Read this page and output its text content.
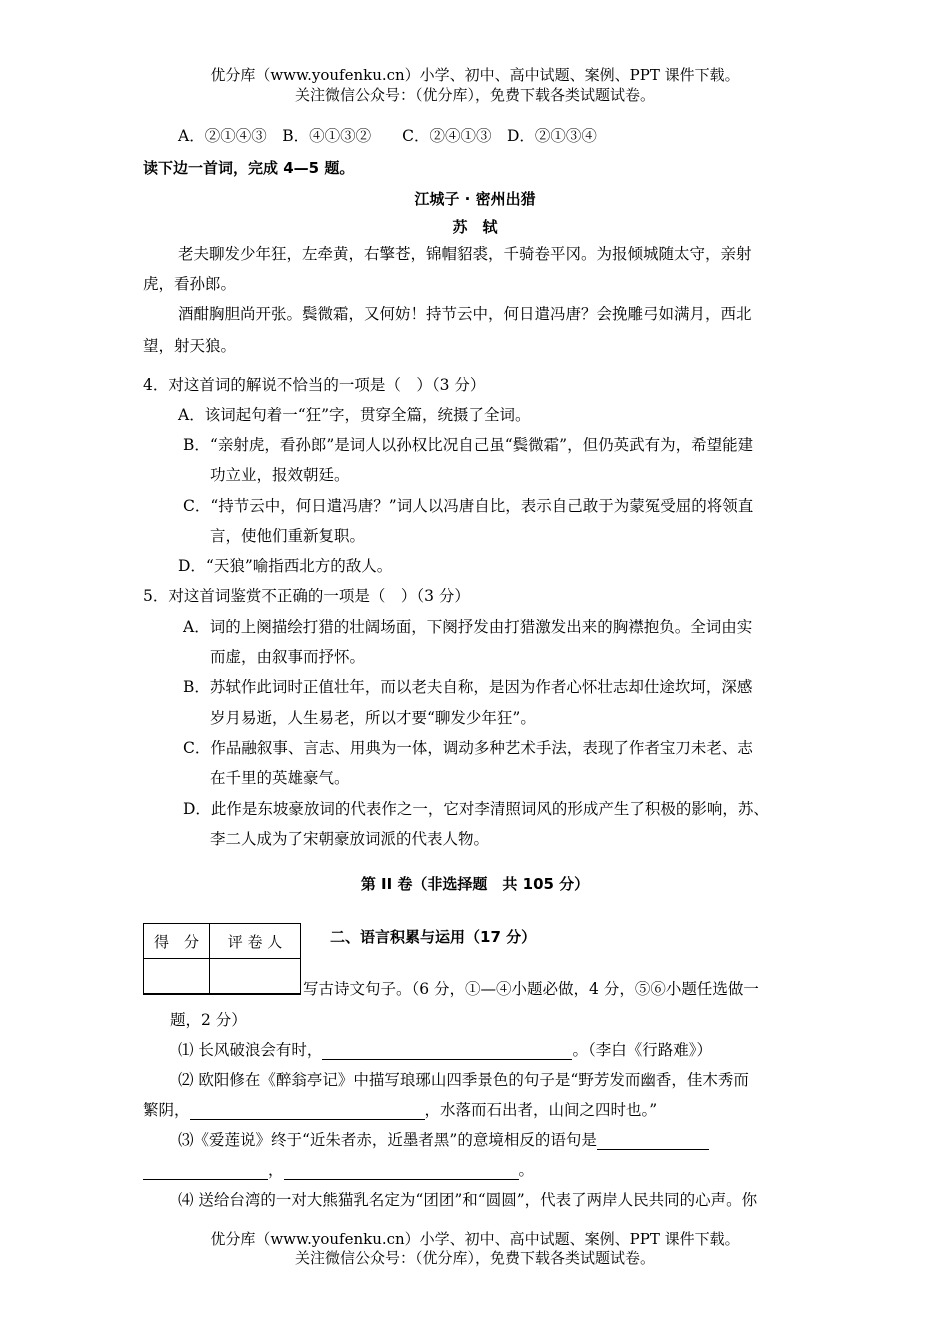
优分库（www.youfenku.cn）小学、初中、高中试题、案例、PPT 课件下载。
关注微信公众号：（优分库），免费下载各类试题试卷。
A．②①④③　B．④①③②　　C．②④①③　D．②①③④
读下边一首词，完成 4—5 题。
江城子 · 密州出猎
苏　轼
老夫聊发少年狂，左牵黄，右擎苍，锦帽貂裘，千骑卷平冈。为报倾城随太守，亲射
虎，看孙郎。
酒酣胸胆尚开张。鬓微霜，又何妨！持节云中，何日遣冯唐？会挽雕弓如满月，西北
望，射天狼。
4．对这首词的解说不恰当的一项是（　）（3 分）
A．该词起句着一“狂”字，贯穿全篇，统摄了全词。
B．“亲射虎，看孙郎”是词人以孙权比况自己虽“鬓微霜”，但仍英武有为，希望能建
功立业，报效朝廷。
C．“持节云中，何日遣冯唐？”词人以冯唐自比，表示自己敢于为蒙冤受屈的将领直
言，使他们重新复职。
D．“天狼”喻指西北方的敌人。
5．对这首词鉴赏不正确的一项是（　）（3 分）
A．词的上阕描绘打猎的壮阔场面，下阕抒发由打猎激发出来的胸襟抱负。全词由实
而虚，由叙事而抒怀。
B．苏轼作此词时正值壮年，而以老夫自称，是因为作者心怀壮志却仕途坎坷，深感
岁月易逝，人生易老，所以才要“聊发少年狂”。
C．作品融叙事、言志、用典为一体，调动多种艺术手法，表现了作者宝刀未老、志
在千里的英雄豪气。
D．此作是东坡豪放词的代表作之一，它对李清照词风的形成产生了积极的影响，苏、
李二人成为了宋朝豪放词派的代表人物。
第 II 卷（非选择题　共 105 分）
得　分	评 卷 人
		二、语言积累与运用（17 分）
写古诗文句子。（6 分，①—④小题必做，4 分，⑤⑥小题任选做一
题，2 分）
⑴ 长风破浪会有时，	。（李白《行路难》）
⑵ 欧阳修在《醉翁亭记》中描写琅琊山四季景色的句子是“野芳发而幽香，佳木秀而
繁阴，	，水落而石出者，山间之四时也。”
⑶《爱莲说》终于“近朱者赤，近墨者黑”的意境相反的语句是
，	。
⑷ 送给台湾的一对大熊猫乳名定为“团团”和“圆圆”，代表了两岸人民共同的心声。你
优分库（www.youfenku.cn）小学、初中、高中试题、案例、PPT 课件下载。
关注微信公众号：（优分库），免费下载各类试题试卷。
